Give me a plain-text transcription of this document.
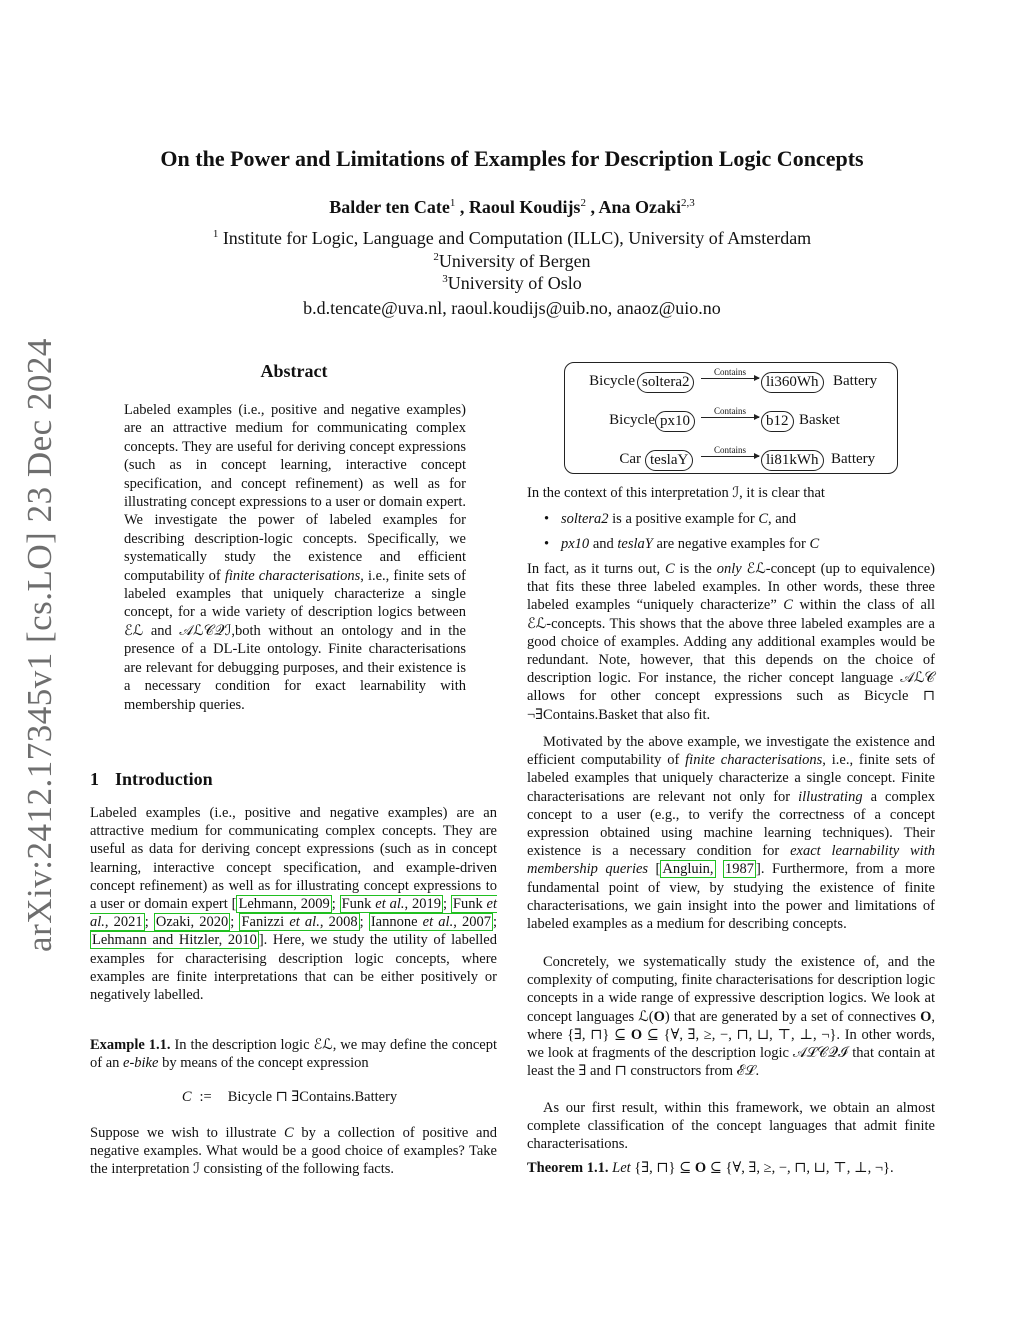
arXiv:2412.17345v1 [cs.LO] 23 Dec 2024
On the Power and Limitations of Examples for Description Logic Concepts
Balder ten Cate$^1$ , Raoul Koudijs$^2$ , Ana Ozaki$^{2,3}$
$^1$ Institute for Logic, Language and Computation (ILLC), University of Amsterdam
$^2$University of Bergen
$^3$University of Oslo
b.d.tencate@uva.nl, raoul.koudijs@uib.no, anaoz@uio.no
Abstract
Labeled examples (i.e., positive and negative examples) are an attractive medium for communicating complex concepts. They are useful for deriving concept expressions (such as in concept learning, interactive concept specification, and concept refinement) as well as for illustrating concept expressions to a user or domain expert. We investigate the power of labeled examples for describing description-logic concepts. Specifically, we systematically study the existence and efficient computability of finite characterisations, i.e., finite sets of labeled examples that uniquely characterize a single concept, for a wide variety of description logics between ℰℒ and 𝒜ℒ𝒞𝒬ℐ,both without an ontology and in the presence of a DL-Lite ontology. Finite characterisations are relevant for debugging purposes, and their existence is a necessary condition for exact learnability with membership queries.
1 Introduction
Labeled examples (i.e., positive and negative examples) are an attractive medium for communicating complex concepts. They are useful as data for deriving concept expressions (such as in concept learning, interactive concept specification, and example-driven concept refinement) as well as for illustrating concept expressions to a user or domain expert [ Lehmann, 2009 ; Funk et al., 2019 ; Funk et al., 2021 ; Ozaki, 2020 ; Fanizzi et al., 2008 ; Iannone et al., 2007 ; Lehmann and Hitzler, 2010 ]. Here, we study the utility of labelled examples for characterising description logic concepts, where examples are finite interpretations that can be either positively or negatively labelled.
Example 1.1. In the description logic ℰℒ, we may define the concept of an e-bike by means of the concept expression
C := Bicycle ⊓ ∃Contains.Battery
Suppose we wish to illustrate C by a collection of positive and negative examples. What would be a good choice of examples? Take the interpretation ℐ consisting of the following facts.
Bicycle soltera2
Contains
li360Wh Battery
Bicycle px10
Contains
b12 Basket
Car teslaY
Contains
li81kWh Battery
In the context of this interpretation ℐ, it is clear that
• soltera2 is a positive example for C, and
• px10 and teslaY are negative examples for C
In fact, as it turns out, C is the only ℰℒ-concept (up to equivalence) that fits these three labeled examples. In other words, these three labeled examples “uniquely characterize” C within the class of all ℰℒ-concepts. This shows that the above three labeled examples are a good choice of examples. Adding any additional examples would be redundant. Note, however, that this depends on the choice of description logic. For instance, the richer concept language 𝒜ℒ𝒞 allows for other concept expressions such as Bicycle ⊓ ¬∃Contains.Basket that also fit.
Motivated by the above example, we investigate the existence and efficient computability of finite characterisations, i.e., finite sets of labeled examples that uniquely characterize a single concept. Finite characterisations are relevant not only for illustrating a complex concept to a user (e.g., to verify the correctness of a concept expression obtained using machine learning techniques). Their existence is a necessary condition for exact learnability with membership queries [ Angluin, 1987 ]. Furthermore, from a more fundamental point of view, by studying the existence of finite characterisations, we gain insight into the power and limitations of labeled examples as a medium for describing concepts.
Concretely, we systematically study the existence of, and the complexity of computing, finite characterisations for description logic concepts in a wide range of expressive description logics. We look at concept languages ℒ(O) that are generated by a set of connectives O, where {∃, ⊓} ⊆ O ⊆ {∀, ∃, ≥, −, ⊓, ⊔, ⊤, ⊥, ¬}. In other words, we look at fragments of the description logic 𝒜ℒ𝒞𝒬ℐ that contain at least the ∃ and ⊓ constructors from ℰℒ.
As our first result, within this framework, we obtain an almost complete classification of the concept languages that admit finite characterisations.
Theorem 1.1. Let {∃, ⊓} ⊆ O ⊆ {∀, ∃, ≥, −, ⊓, ⊔, ⊤, ⊥, ¬}.
